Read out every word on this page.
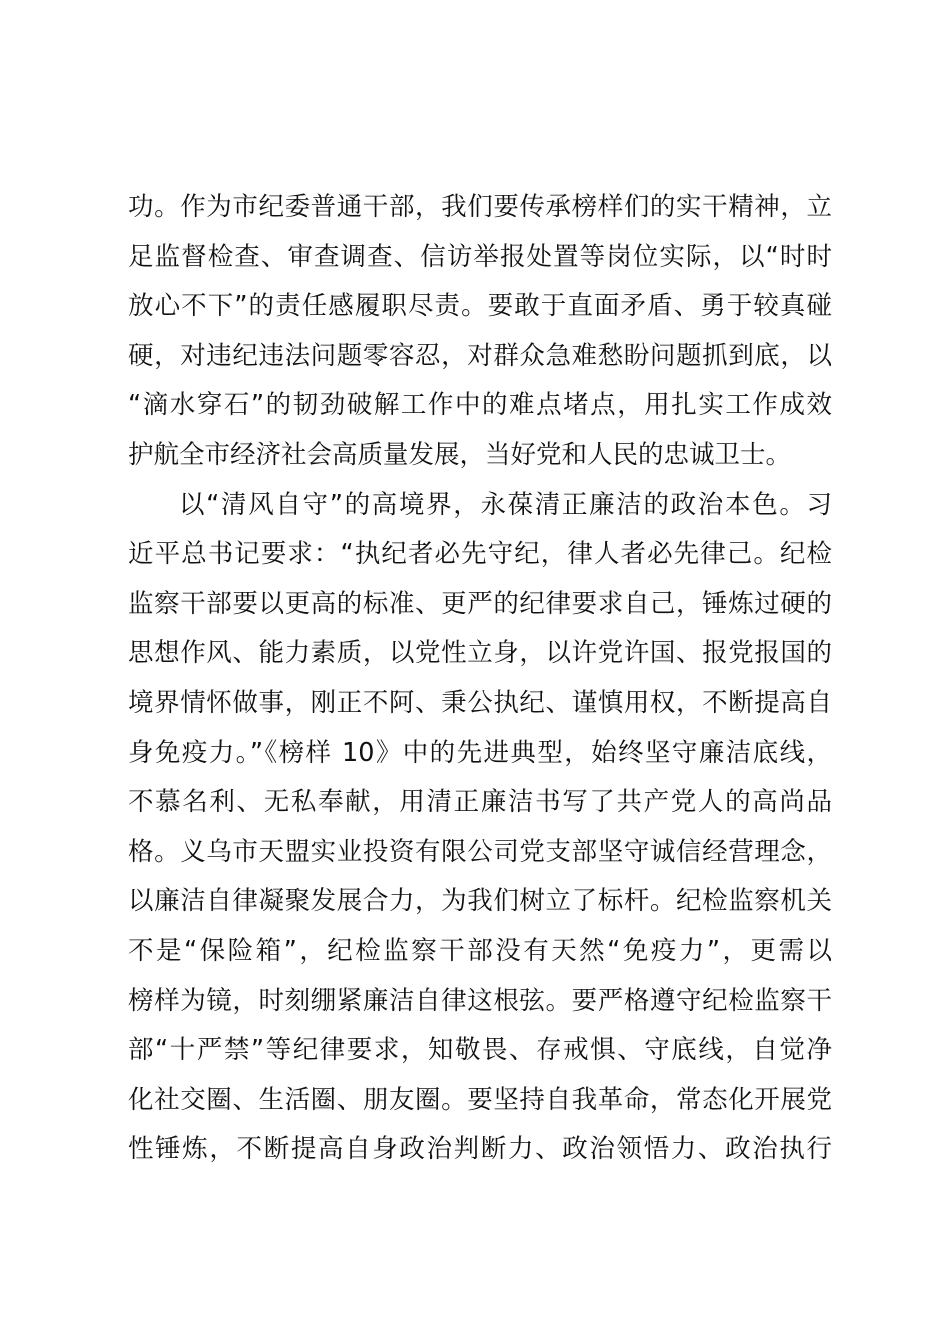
功。作为市纪委普通干部，我们要传承榜样们的实干精神，立
足监督检查、审查调查、信访举报处置等岗位实际，以“时时
放心不下”的责任感履职尽责。要敢于直面矛盾、勇于较真碰
硬，对违纪违法问题零容忍，对群众急难愁盼问题抓到底，以
“滴水穿石”的韧劲破解工作中的难点堵点，用扎实工作成效
护航全市经济社会高质量发展，当好党和人民的忠诚卫士。
以“清风自守”的高境界，永葆清正廉洁的政治本色。习
近平总书记要求：“执纪者必先守纪，律人者必先律己。纪检
监察干部要以更高的标准、更严的纪律要求自己，锤炼过硬的
思想作风、能力素质，以党性立身，以许党许国、报党报国的
境界情怀做事，刚正不阿、秉公执纪、谨慎用权，不断提高自
身免疫力。”《榜样 10》中的先进典型，始终坚守廉洁底线，
不慕名利、无私奉献，用清正廉洁书写了共产党人的高尚品
格。义乌市天盟实业投资有限公司党支部坚守诚信经营理念，
以廉洁自律凝聚发展合力，为我们树立了标杆。纪检监察机关
不是“保险箱”，纪检监察干部没有天然“免疫力”，更需以
榜样为镜，时刻绷紧廉洁自律这根弦。要严格遵守纪检监察干
部“十严禁”等纪律要求，知敬畏、存戒惧、守底线，自觉净
化社交圈、生活圈、朋友圈。要坚持自我革命，常态化开展党
性锤炼，不断提高自身政治判断力、政治领悟力、政治执行
